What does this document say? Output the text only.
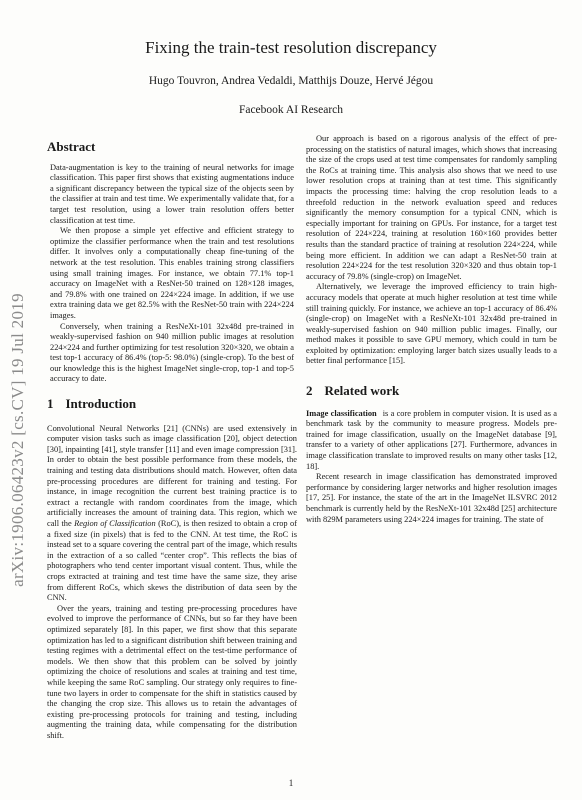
Fixing the train-test resolution discrepancy
Hugo Touvron, Andrea Vedaldi, Matthijs Douze, Hervé Jégou
Facebook AI Research
arXiv:1906.06423v2 [cs.CV] 19 Jul 2019
Abstract

Data-augmentation is key to the training of neural networks for image classification. This paper first shows that existing augmentations induce a significant discrepancy between the typical size of the objects seen by the classifier at train and test time. We experimentally validate that, for a target test resolution, using a lower train resolution offers better classification at test time.

We then propose a simple yet effective and efficient strategy to optimize the classifier performance when the train and test resolutions differ. It involves only a computationally cheap fine-tuning of the network at the test resolution. This enables training strong classifiers using small training images. For instance, we obtain 77.1% top-1 accuracy on ImageNet with a ResNet-50 trained on 128×128 images, and 79.8% with one trained on 224×224 image. In addition, if we use extra training data we get 82.5% with the ResNet-50 train with 224×224 images.

Conversely, when training a ResNeXt-101 32x48d pre-trained in weakly-supervised fashion on 940 million public images at resolution 224×224 and further optimizing for test resolution 320×320, we obtain a test top-1 accuracy of 86.4% (top-5: 98.0%) (single-crop). To the best of our knowledge this is the highest ImageNet single-crop, top-1 and top-5 accuracy to date.

1 Introduction

Convolutional Neural Networks [21] (CNNs) are used extensively in computer vision tasks such as image classification [20], object detection [30], inpainting [41], style transfer [11] and even image compression [31]. In order to obtain the best possible performance from these models, the training and testing data distributions should match. However, often data pre-processing procedures are different for training and testing. For instance, in image recognition the current best training practice is to extract a rectangle with random coordinates from the image, which artificially increases the amount of training data. This region, which we call the Region of Classification (RoC), is then resized to obtain a crop of a fixed size (in pixels) that is fed to the CNN. At test time, the RoC is instead set to a square covering the central part of the image, which results in the extraction of a so called “center crop”. This reflects the bias of photographers who tend center important visual content. Thus, while the crops extracted at training and test time have the same size, they arise from different RoCs, which skews the distribution of data seen by the CNN.

Over the years, training and testing pre-processing procedures have evolved to improve the performance of CNNs, but so far they have been optimized separately [8]. In this paper, we first show that this separate optimization has led to a significant distribution shift between training and testing regimes with a detrimental effect on the test-time performance of models. We then show that this problem can be solved by jointly optimizing the choice of resolutions and scales at training and test time, while keeping the same RoC sampling. Our strategy only requires to fine-tune two layers in order to compensate for the shift in statistics caused by the changing the crop size. This allows us to retain the advantages of existing pre-processing protocols for training and testing, including augmenting the training data, while compensating for the distribution shift.

Our approach is based on a rigorous analysis of the effect of pre-processing on the statistics of natural images, which shows that increasing the size of the crops used at test time compensates for randomly sampling the RoCs at training time. This analysis also shows that we need to use lower resolution crops at training than at test time. This significantly impacts the processing time: halving the crop resolution leads to a threefold reduction in the network evaluation speed and reduces significantly the memory consumption for a typical CNN, which is especially important for training on GPUs. For instance, for a target test resolution of 224×224, training at resolution 160×160 provides better results than the standard practice of training at resolution 224×224, while being more efficient. In addition we can adapt a ResNet-50 train at resolution 224×224 for the test resolution 320×320 and thus obtain top-1 accuracy of 79.8% (single-crop) on ImageNet.

Alternatively, we leverage the improved efficiency to train high-accuracy models that operate at much higher resolution at test time while still training quickly. For instance, we achieve an top-1 accuracy of 86.4% (single-crop) on ImageNet with a ResNeXt-101 32x48d pre-trained in weakly-supervised fashion on 940 million public images. Finally, our method makes it possible to save GPU memory, which could in turn be exploited by optimization: employing larger batch sizes usually leads to a better final performance [15].

2 Related work

Image classification is a core problem in computer vision. It is used as a benchmark task by the community to measure progress. Models pre-trained for image classification, usually on the ImageNet database [9], transfer to a variety of other applications [27]. Furthermore, advances in image classification translate to improved results on many other tasks [12, 18].

Recent research in image classification has demonstrated improved performance by considering larger networks and higher resolution images [17, 25]. For instance, the state of the art in the ImageNet ILSVRC 2012 benchmark is currently held by the ResNeXt-101 32x48d [25] architecture with 829M parameters using 224×224 images for training. The state of

1
